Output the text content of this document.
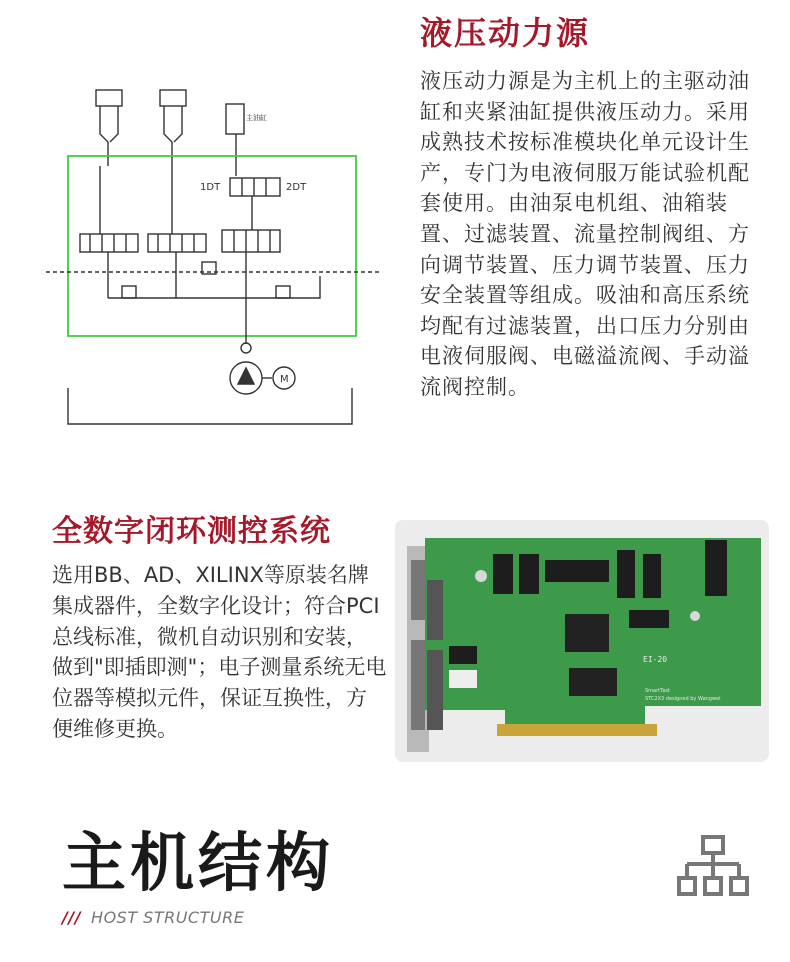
液压动力源
液压动力源是为主机上的主驱动油缸和夹紧油缸提供液压动力。采用成熟技术按标准模块化单元设计生产，专门为电液伺服万能试验机配套使用。由油泵电机组、油箱装置、过滤装置、流量控制阀组、方向调节装置、压力调节装置、压力安全装置等组成。吸油和高压系统均配有过滤装置，出口压力分别由电液伺服阀、电磁溢流阀、手动溢流阀控制。
主油缸
1DT	2DT
M
全数字闭环测控系统
选用BB、AD、XILINX等原装名牌集成器件，全数字化设计；符合PCI总线标准，微机自动识别和安装，做到"即插即测"；电子测量系统无电位器等模拟元件，保证互换性，方便维修更换。
EI-20
SmartTest
STC2X3 designed by Wangwei
主机结构
/// HOST STRUCTURE
